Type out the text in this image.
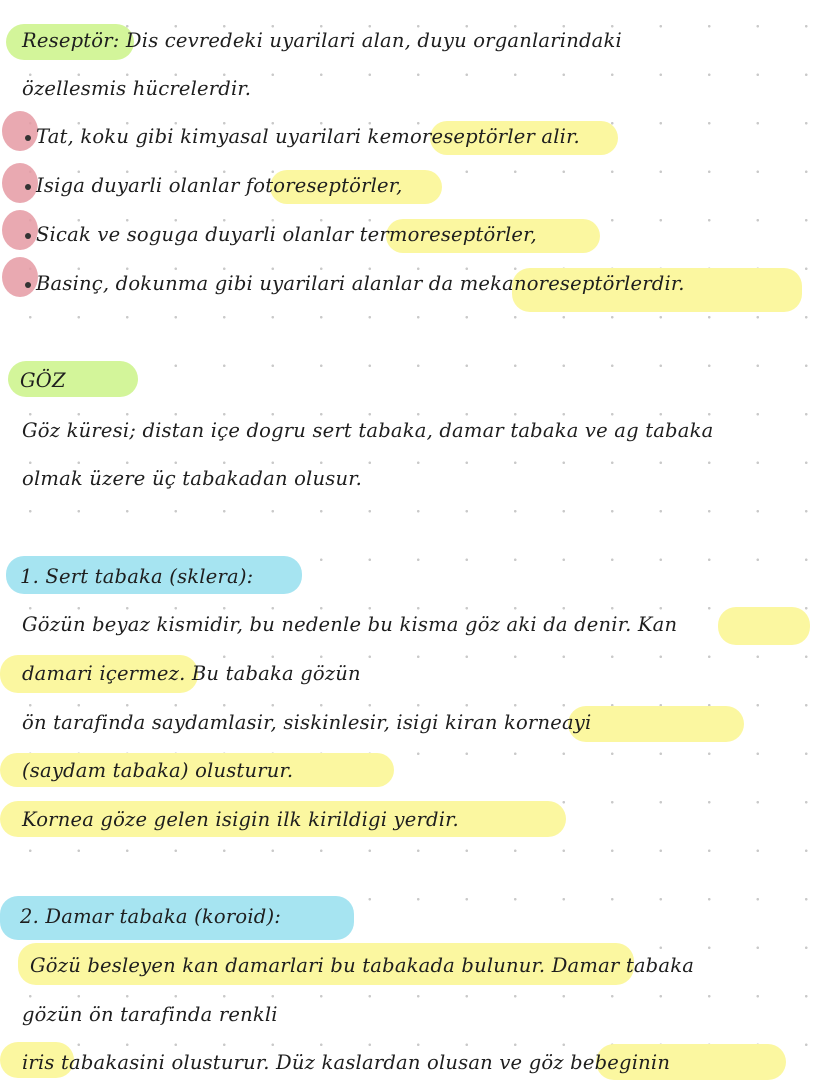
Reseptör: Dis cevredeki uyarilari alan, duyu organlarindaki
özellesmis hücrelerdir.
Tat, koku gibi kimyasal uyarilari kemoreseptörler alir.
Isiga duyarli olanlar fotoreseptörler,
Sicak ve soguga duyarli olanlar termoreseptörler,
Basinç, dokunma gibi uyarilari alanlar da mekanoreseptörlerdir.
GÖZ
Göz küresi; distan içe dogru sert tabaka, damar tabaka ve ag tabaka
olmak üzere üç tabakadan olusur.
1. Sert tabaka (sklera):
Gözün beyaz kismidir, bu nedenle bu kisma göz aki da denir. Kan
damari içermez. Bu tabaka gözün
ön tarafinda saydamlasir, siskinlesir, isigi kiran korneayi
(saydam tabaka) olusturur.
Kornea göze gelen isigin ilk kirildigi yerdir.
2. Damar tabaka (koroid):
Gözü besleyen kan damarlari bu tabakada bulunur. Damar tabaka
gözün ön tarafinda renkli
iris tabakasini olusturur. Düz kaslardan olusan ve göz bebeginin
